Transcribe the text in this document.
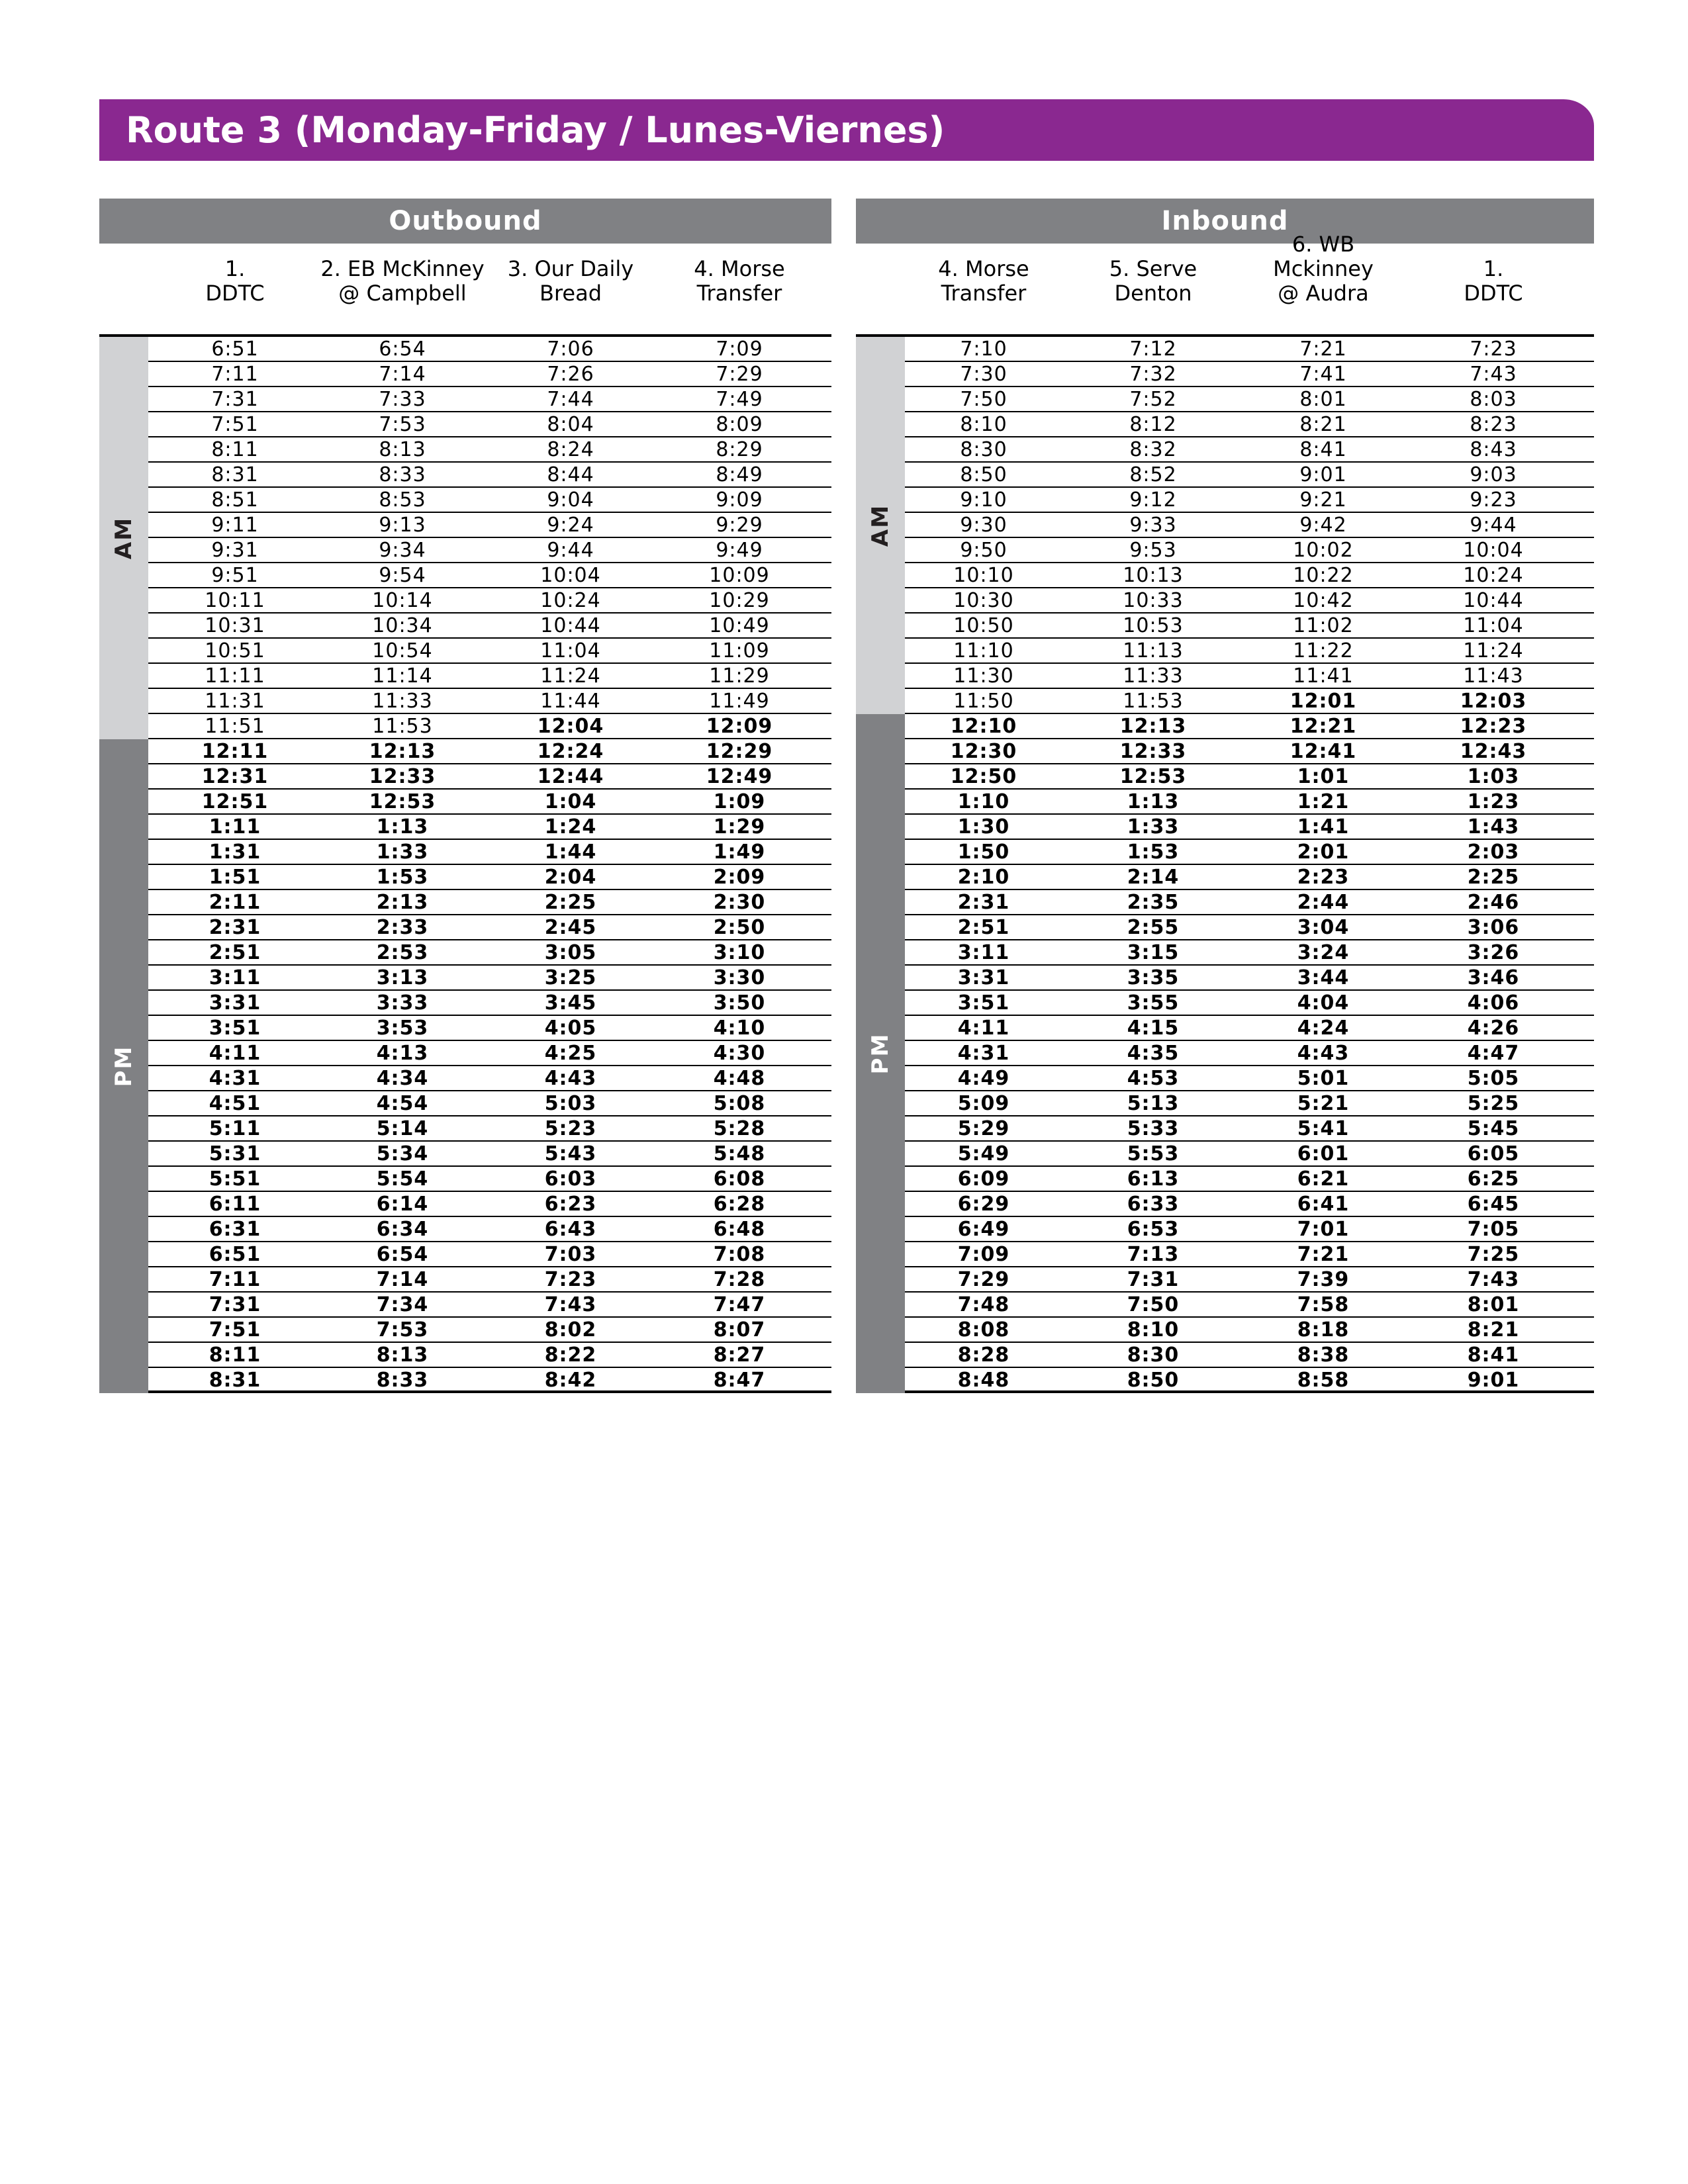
Route 3 (Monday-Friday / Lunes-Viernes)
Outbound
1.
DDTC
2. EB McKinney
@ Campbell
3. Our Daily
Bread
4. Morse
Transfer
AM
PM
6:51	6:54	7:06	7:09
7:11	7:14	7:26	7:29
7:31	7:33	7:44	7:49
7:51	7:53	8:04	8:09
8:11	8:13	8:24	8:29
8:31	8:33	8:44	8:49
8:51	8:53	9:04	9:09
9:11	9:13	9:24	9:29
9:31	9:34	9:44	9:49
9:51	9:54	10:04	10:09
10:11	10:14	10:24	10:29
10:31	10:34	10:44	10:49
10:51	10:54	11:04	11:09
11:11	11:14	11:24	11:29
11:31	11:33	11:44	11:49
11:51	11:53	12:04	12:09
12:11	12:13	12:24	12:29
12:31	12:33	12:44	12:49
12:51	12:53	1:04	1:09
1:11	1:13	1:24	1:29
1:31	1:33	1:44	1:49
1:51	1:53	2:04	2:09
2:11	2:13	2:25	2:30
2:31	2:33	2:45	2:50
2:51	2:53	3:05	3:10
3:11	3:13	3:25	3:30
3:31	3:33	3:45	3:50
3:51	3:53	4:05	4:10
4:11	4:13	4:25	4:30
4:31	4:34	4:43	4:48
4:51	4:54	5:03	5:08
5:11	5:14	5:23	5:28
5:31	5:34	5:43	5:48
5:51	5:54	6:03	6:08
6:11	6:14	6:23	6:28
6:31	6:34	6:43	6:48
6:51	6:54	7:03	7:08
7:11	7:14	7:23	7:28
7:31	7:34	7:43	7:47
7:51	7:53	8:02	8:07
8:11	8:13	8:22	8:27
8:31	8:33	8:42	8:47
Inbound
4. Morse
Transfer
5. Serve
Denton
6. WB Mckinney
@ Audra
1.
DDTC
AM
PM
7:10	7:12	7:21	7:23
7:30	7:32	7:41	7:43
7:50	7:52	8:01	8:03
8:10	8:12	8:21	8:23
8:30	8:32	8:41	8:43
8:50	8:52	9:01	9:03
9:10	9:12	9:21	9:23
9:30	9:33	9:42	9:44
9:50	9:53	10:02	10:04
10:10	10:13	10:22	10:24
10:30	10:33	10:42	10:44
10:50	10:53	11:02	11:04
11:10	11:13	11:22	11:24
11:30	11:33	11:41	11:43
11:50	11:53	12:01	12:03
12:10	12:13	12:21	12:23
12:30	12:33	12:41	12:43
12:50	12:53	1:01	1:03
1:10	1:13	1:21	1:23
1:30	1:33	1:41	1:43
1:50	1:53	2:01	2:03
2:10	2:14	2:23	2:25
2:31	2:35	2:44	2:46
2:51	2:55	3:04	3:06
3:11	3:15	3:24	3:26
3:31	3:35	3:44	3:46
3:51	3:55	4:04	4:06
4:11	4:15	4:24	4:26
4:31	4:35	4:43	4:47
4:49	4:53	5:01	5:05
5:09	5:13	5:21	5:25
5:29	5:33	5:41	5:45
5:49	5:53	6:01	6:05
6:09	6:13	6:21	6:25
6:29	6:33	6:41	6:45
6:49	6:53	7:01	7:05
7:09	7:13	7:21	7:25
7:29	7:31	7:39	7:43
7:48	7:50	7:58	8:01
8:08	8:10	8:18	8:21
8:28	8:30	8:38	8:41
8:48	8:50	8:58	9:01
